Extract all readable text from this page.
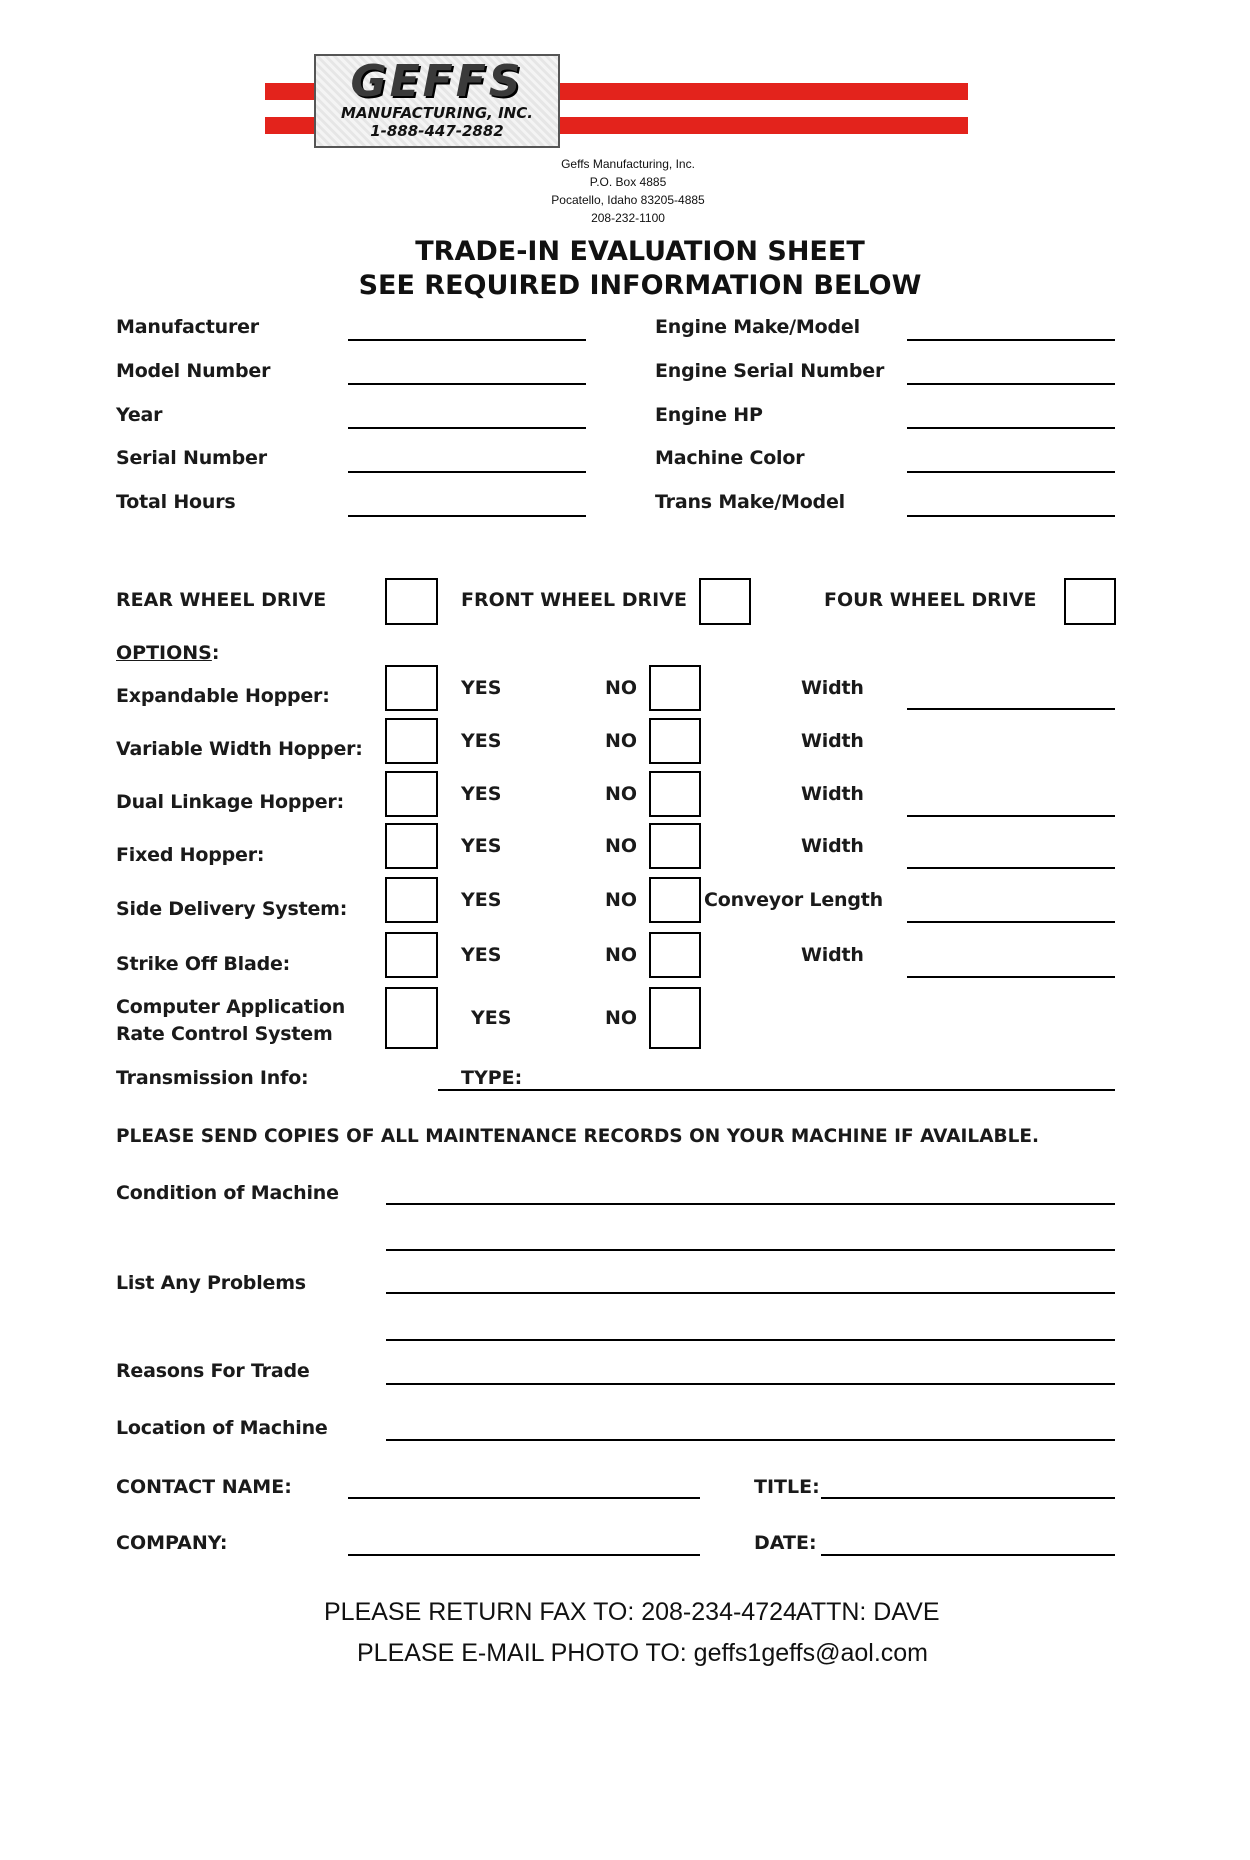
GEFFS
MANUFACTURING, INC.
1-888-447-2882
Geffs Manufacturing, Inc.
P.O. Box 4885
Pocatello, Idaho 83205-4885
208-232-1100
TRADE-IN EVALUATION SHEET
SEE REQUIRED INFORMATION BELOW
Manufacturer
Model Number
Year
Serial Number
Total Hours
Engine Make/Model
Engine Serial Number
Engine HP
Machine Color
Trans Make/Model
REAR WHEEL DRIVE	FRONT WHEEL DRIVE	FOUR WHEEL DRIVE
OPTIONS:
Expandable Hopper:	YES	NO	Width
Variable Width Hopper:	YES	NO	Width
Dual Linkage Hopper:	YES	NO	Width
Fixed Hopper:	YES	NO	Width
Side Delivery System:	YES	NO	Conveyor Length
Strike Off Blade:	YES	NO	Width
Computer Application
Rate Control System
YES	NO
Transmission Info:	TYPE:
PLEASE SEND COPIES OF ALL MAINTENANCE RECORDS ON YOUR MACHINE IF AVAILABLE.
Condition of Machine
List Any Problems
Reasons For Trade
Location of Machine
CONTACT NAME:	TITLE:
COMPANY:	DATE:
PLEASE RETURN FAX TO: 208-234-4724 ATTN: DAVE
PLEASE E-MAIL PHOTO TO: geffs1geffs@aol.com
